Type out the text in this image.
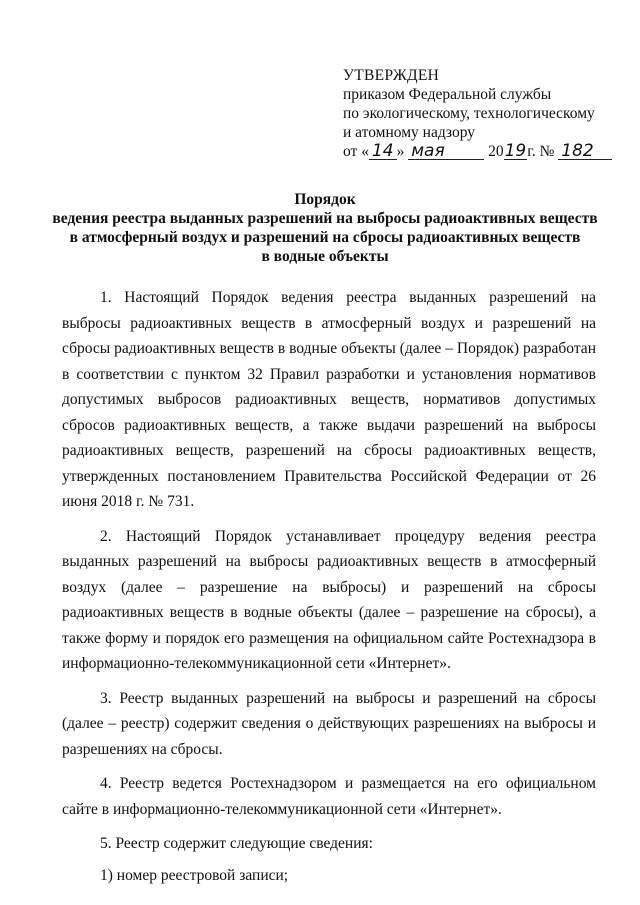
УТВЕРЖДЕН
приказом Федеральной службы
по экологическому, технологическому
и атомному надзору
от « 14 » мая	2019г. № 182
Порядок
ведения реестра выданных разрешений на выбросы радиоактивных веществ
в атмосферный воздух и разрешений на сбросы радиоактивных веществ
в водные объекты

1. Настоящий Порядок ведения реестра выданных разрешений на выбросы радиоактивных веществ в атмосферный воздух и разрешений на сбросы радиоактивных веществ в водные объекты (далее – Порядок) разработан в соответствии с пунктом 32 Правил разработки и установления нормативов допустимых выбросов радиоактивных веществ, нормативов допустимых сбросов радиоактивных веществ, а также выдачи разрешений на выбросы радиоактивных веществ, разрешений на сбросы радиоактивных веществ, утвержденных постановлением Правительства Российской Федерации от 26 июня 2018 г. № 731.

2. Настоящий Порядок устанавливает процедуру ведения реестра выданных разрешений на выбросы радиоактивных веществ в атмосферный воздух (далее – разрешение на выбросы) и разрешений на сбросы радиоактивных веществ в водные объекты (далее – разрешение на сбросы), а также форму и порядок его размещения на официальном сайте Ростехнадзора в информационно-телекоммуникационной сети «Интернет».

3. Реестр выданных разрешений на выбросы и разрешений на сбросы (далее – реестр) содержит сведения о действующих разрешениях на выбросы и разрешениях на сбросы.

4. Реестр ведется Ростехнадзором и размещается на его официальном сайте в информационно-телекоммуникационной сети «Интернет».

5. Реестр содержит следующие сведения:

1) номер реестровой записи;
